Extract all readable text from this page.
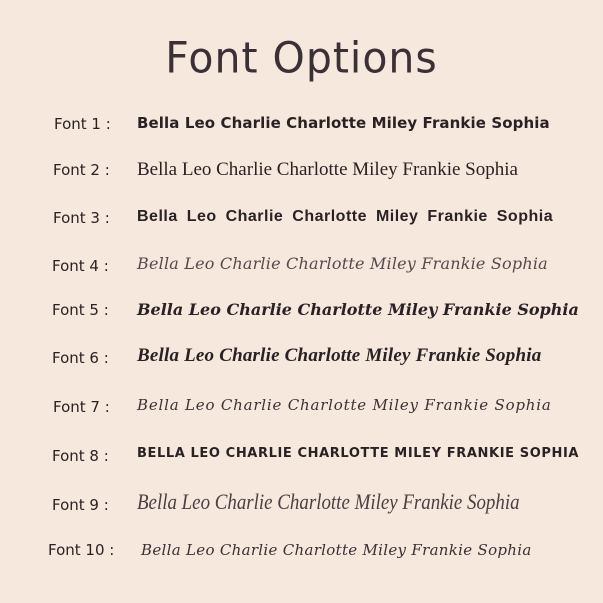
Font Options
Font 1 : Bella Leo Charlie Charlotte Miley Frankie Sophia
Font 2 : Bella Leo Charlie Charlotte Miley Frankie Sophia
Font 3 : Bella Leo Charlie Charlotte Miley Frankie Sophia
Font 4 : Bella Leo Charlie Charlotte Miley Frankie Sophia
Font 5 : Bella Leo Charlie Charlotte Miley Frankie Sophia
Font 6 : Bella Leo Charlie Charlotte Miley Frankie Sophia
Font 7 : Bella Leo Charlie Charlotte Miley Frankie Sophia
Font 8 : BELLA LEO CHARLIE CHARLOTTE MILEY FRANKIE SOPHIA
Font 9 : Bella Leo Charlie Charlotte Miley Frankie Sophia
Font 10 : Bella Leo Charlie Charlotte Miley Frankie Sophia
